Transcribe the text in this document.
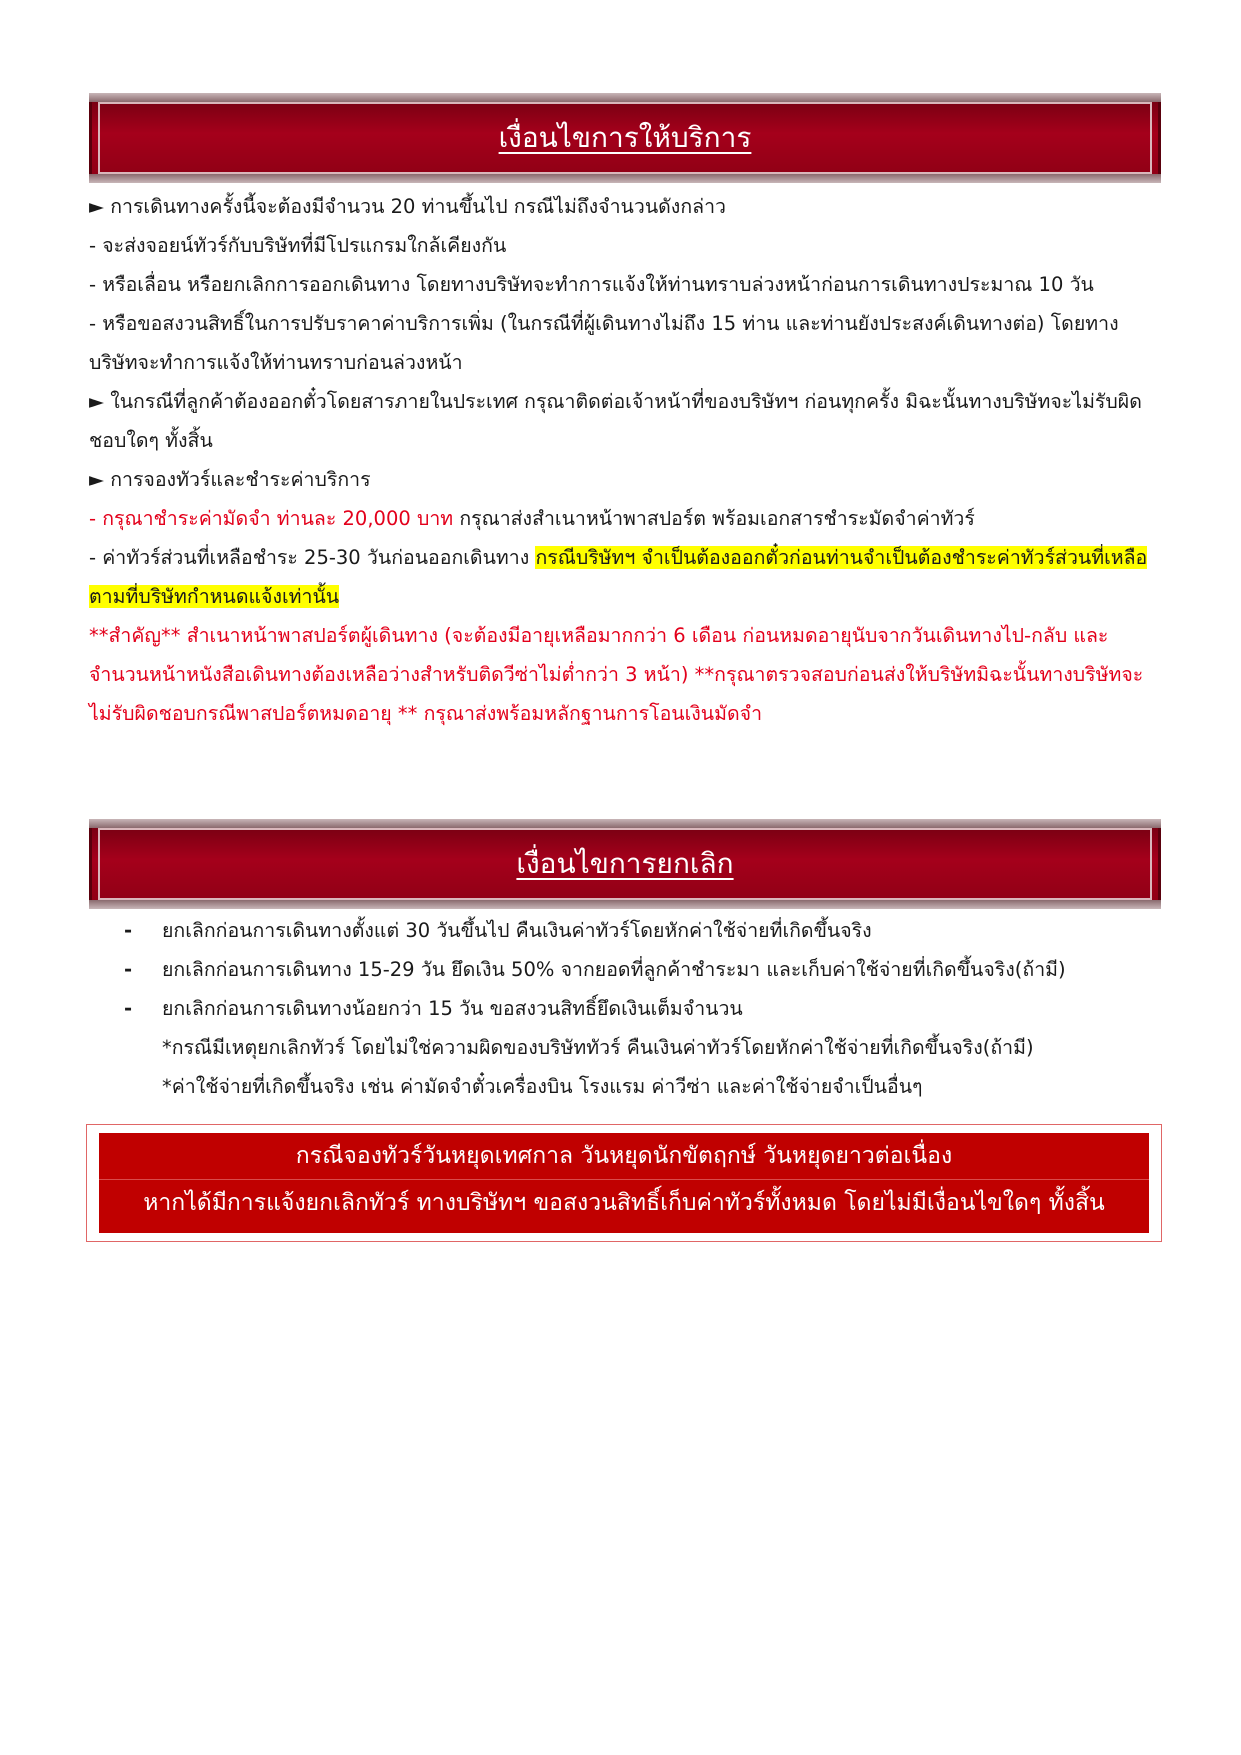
เงื่อนไขการให้บริการ

► การเดินทางครั้งนี้จะต้องมีจำนวน 20 ท่านขึ้นไป กรณีไม่ถึงจำนวนดังกล่าว

- จะส่งจอยน์ทัวร์กับบริษัทที่มีโปรแกรมใกล้เคียงกัน

- หรือเลื่อน หรือยกเลิกการออกเดินทาง โดยทางบริษัทจะทำการแจ้งให้ท่านทราบล่วงหน้าก่อนการเดินทางประมาณ 10 วัน

- หรือขอสงวนสิทธิ์ในการปรับราคาค่าบริการเพิ่ม (ในกรณีที่ผู้เดินทางไม่ถึง 15 ท่าน และท่านยังประสงค์เดินทางต่อ) โดยทางบริษัทจะทำการแจ้งให้ท่านทราบก่อนล่วงหน้า

► ในกรณีที่ลูกค้าต้องออกตั๋วโดยสารภายในประเทศ กรุณาติดต่อเจ้าหน้าที่ของบริษัทฯ ก่อนทุกครั้ง มิฉะนั้นทางบริษัทจะไม่รับผิดชอบใดๆ ทั้งสิ้น

► การจองทัวร์และชำระค่าบริการ

- กรุณาชำระค่ามัดจำ ท่านละ 20,000 บาท กรุณาส่งสำเนาหน้าพาสปอร์ต พร้อมเอกสารชำระมัดจำค่าทัวร์

- ค่าทัวร์ส่วนที่เหลือชำระ 25-30 วันก่อนออกเดินทาง กรณีบริษัทฯ จำเป็นต้องออกตั๋วก่อนท่านจำเป็นต้องชำระค่าทัวร์ส่วนที่เหลือตามที่บริษัทกำหนดแจ้งเท่านั้น

**สำคัญ** สำเนาหน้าพาสปอร์ตผู้เดินทาง (จะต้องมีอายุเหลือมากกว่า 6 เดือน ก่อนหมดอายุนับจากวันเดินทางไป-กลับ และจำนวนหน้าหนังสือเดินทางต้องเหลือว่างสำหรับติดวีซ่าไม่ต่ำกว่า 3 หน้า) **กรุณาตรวจสอบก่อนส่งให้บริษัทมิฉะนั้นทางบริษัทจะไม่รับผิดชอบกรณีพาสปอร์ตหมดอายุ ** กรุณาส่งพร้อมหลักฐานการโอนเงินมัดจำ

เงื่อนไขการยกเลิก
- ยกเลิกก่อนการเดินทางตั้งแต่ 30 วันขึ้นไป คืนเงินค่าทัวร์โดยหักค่าใช้จ่ายที่เกิดขึ้นจริง
- ยกเลิกก่อนการเดินทาง 15-29 วัน ยึดเงิน 50% จากยอดที่ลูกค้าชำระมา และเก็บค่าใช้จ่ายที่เกิดขึ้นจริง(ถ้ามี)
- ยกเลิกก่อนการเดินทางน้อยกว่า 15 วัน ขอสงวนสิทธิ์ยึดเงินเต็มจำนวน
*กรณีมีเหตุยกเลิกทัวร์ โดยไม่ใช่ความผิดของบริษัททัวร์ คืนเงินค่าทัวร์โดยหักค่าใช้จ่ายที่เกิดขึ้นจริง(ถ้ามี)
*ค่าใช้จ่ายที่เกิดขึ้นจริง เช่น ค่ามัดจำตั๋วเครื่องบิน โรงแรม ค่าวีซ่า และค่าใช้จ่ายจำเป็นอื่นๆ
กรณีจองทัวร์วันหยุดเทศกาล วันหยุดนักขัตฤกษ์ วันหยุดยาวต่อเนื่อง
หากได้มีการแจ้งยกเลิกทัวร์ ทางบริษัทฯ ขอสงวนสิทธิ์เก็บค่าทัวร์ทั้งหมด โดยไม่มีเงื่อนไขใดๆ ทั้งสิ้น
